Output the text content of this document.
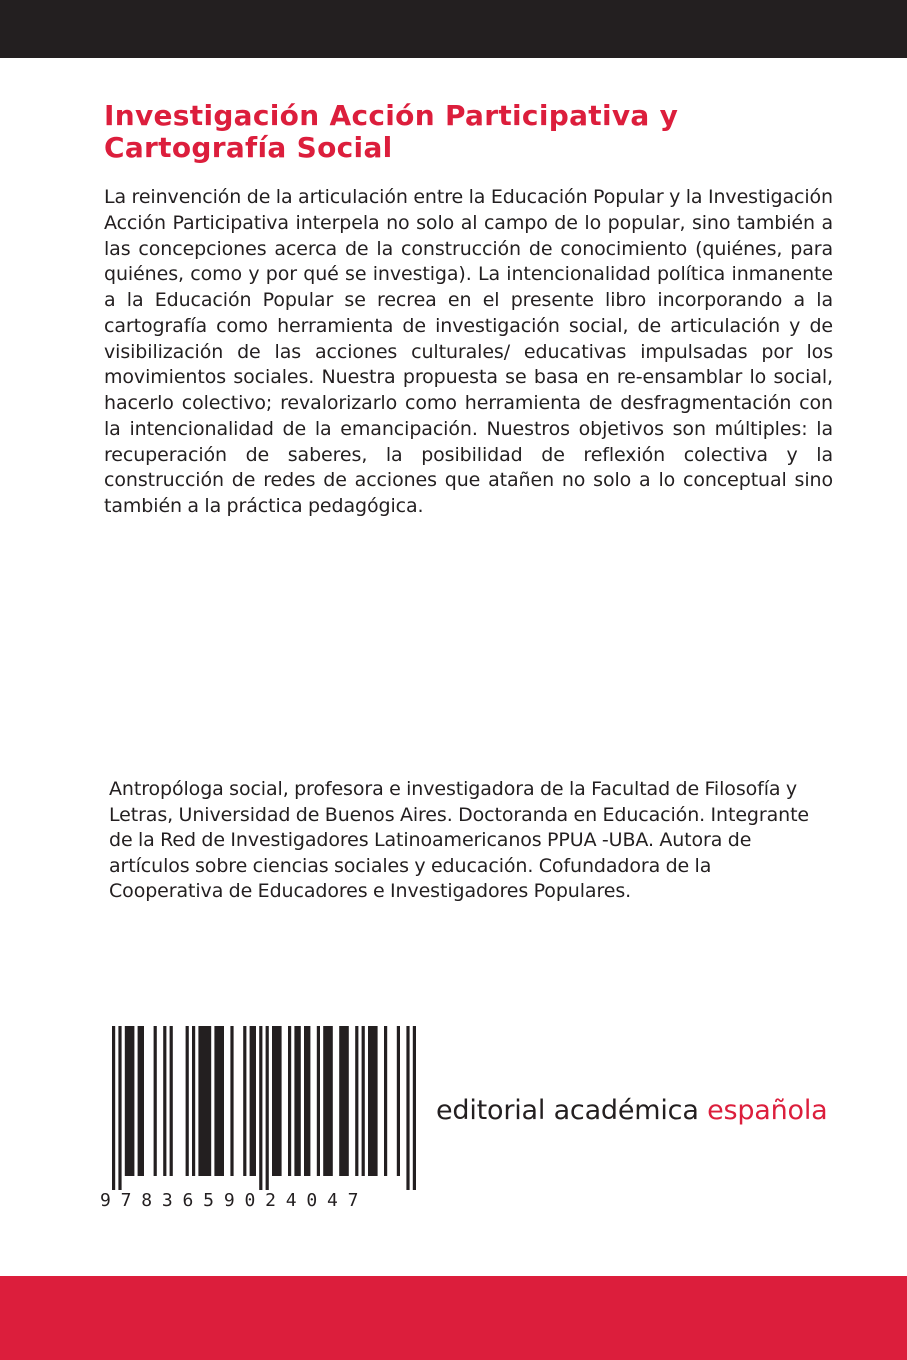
Investigación Acción Participativa y Cartografía Social

La reinvención de la articulación entre la Educación Popular y la Investigación Acción Participativa interpela no solo al campo de lo popular, sino también a las concepciones acerca de la construcción de conocimiento (quiénes, para quiénes, como y por qué se investiga). La intencionalidad política inmanente a la Educación Popular se recrea en el presente libro incorporando a la cartografía como herramienta de investigación social, de articulación y de visibilización de las acciones culturales/ educativas impulsadas por los movimientos sociales. Nuestra propuesta se basa en re-ensamblar lo social, hacerlo colectivo; revalorizarlo como herramienta de desfragmentación con la intencionalidad de la emancipación. Nuestros objetivos son múltiples: la recuperación de saberes, la posibilidad de reflexión colectiva y la construcción de redes de acciones que atañen no solo a lo conceptual sino también a la práctica pedagógica.

Antropóloga social, profesora e investigadora de la Facultad de Filosofía y Letras, Universidad de Buenos Aires. Doctoranda en Educación. Integrante de la Red de Investigadores Latinoamericanos PPUA -UBA. Autora de artículos sobre ciencias sociales y educación. Cofundadora de la Cooperativa de Educadores e Investigadores Populares.

9783659024047
editorial académica española
